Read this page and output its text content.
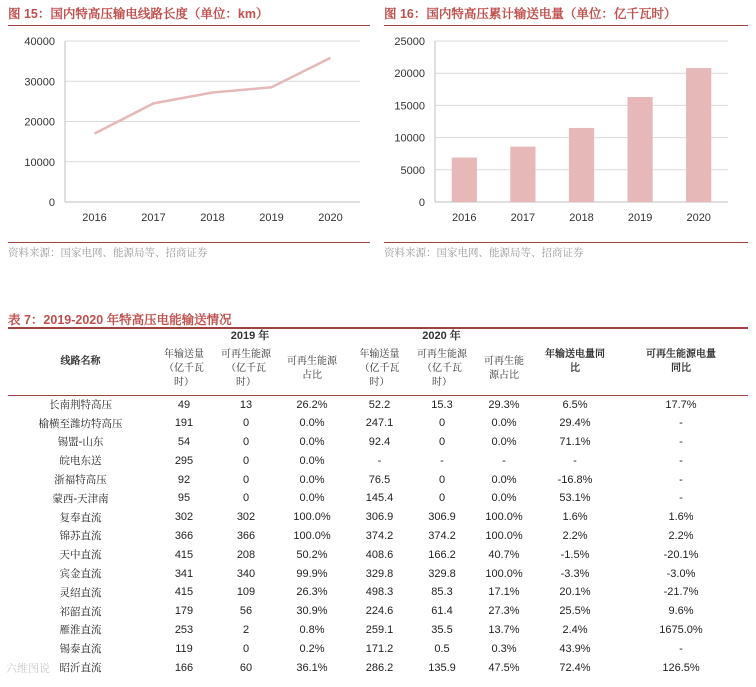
图 15：国内特高压输电线路长度（单位：km）
0
10000
20000
30000
40000
2016	2017	2018	2019	2020
资料来源：国家电网、能源局等、招商证券
图 16：国内特高压累计输送电量（单位：亿千瓦时）
0
5000
10000
15000
20000
25000
2016	2017	2018	2019	2020
资料来源：国家电网、能源局等、招商证券
表 7：2019-2020 年特高压电能输送情况
线路名称	2019 年			2020 年			年输送电量同比	可再生能源电量同比
	年输送量（亿千瓦时）	可再生能源（亿千瓦时）	可再生能源占比	年输送量（亿千瓦时）	可再生能源（亿千瓦时）	可再生能源占比		
长南荆特高压	49	13	26.2%	52.2	15.3	29.3%	6.5%	17.7%
榆横至潍坊特高压	191	0	0.0%	247.1	0	0.0%	29.4%	-
锡盟-山东	54	0	0.0%	92.4	0	0.0%	71.1%	-
皖电东送	295	0	0.0%	-	-	-	-	-
浙福特高压	92	0	0.0%	76.5	0	0.0%	-16.8%	-
蒙西-天津南	95	0	0.0%	145.4	0	0.0%	53.1%	-
复奉直流	302	302	100.0%	306.9	306.9	100.0%	1.6%	1.6%
锦苏直流	366	366	100.0%	374.2	374.2	100.0%	2.2%	2.2%
天中直流	415	208	50.2%	408.6	166.2	40.7%	-1.5%	-20.1%
宾金直流	341	340	99.9%	329.8	329.8	100.0%	-3.3%	-3.0%
灵绍直流	415	109	26.3%	498.3	85.3	17.1%	20.1%	-21.7%
祁韶直流	179	56	30.9%	224.6	61.4	27.3%	25.5%	9.6%
雁淮直流	253	2	0.8%	259.1	35.5	13.7%	2.4%	1675.0%
锡泰直流	119	0	0.2%	171.2	0.5	0.3%	43.9%	-
昭沂直流	166	60	36.1%	286.2	135.9	47.5%	72.4%	126.5%
六维图说
